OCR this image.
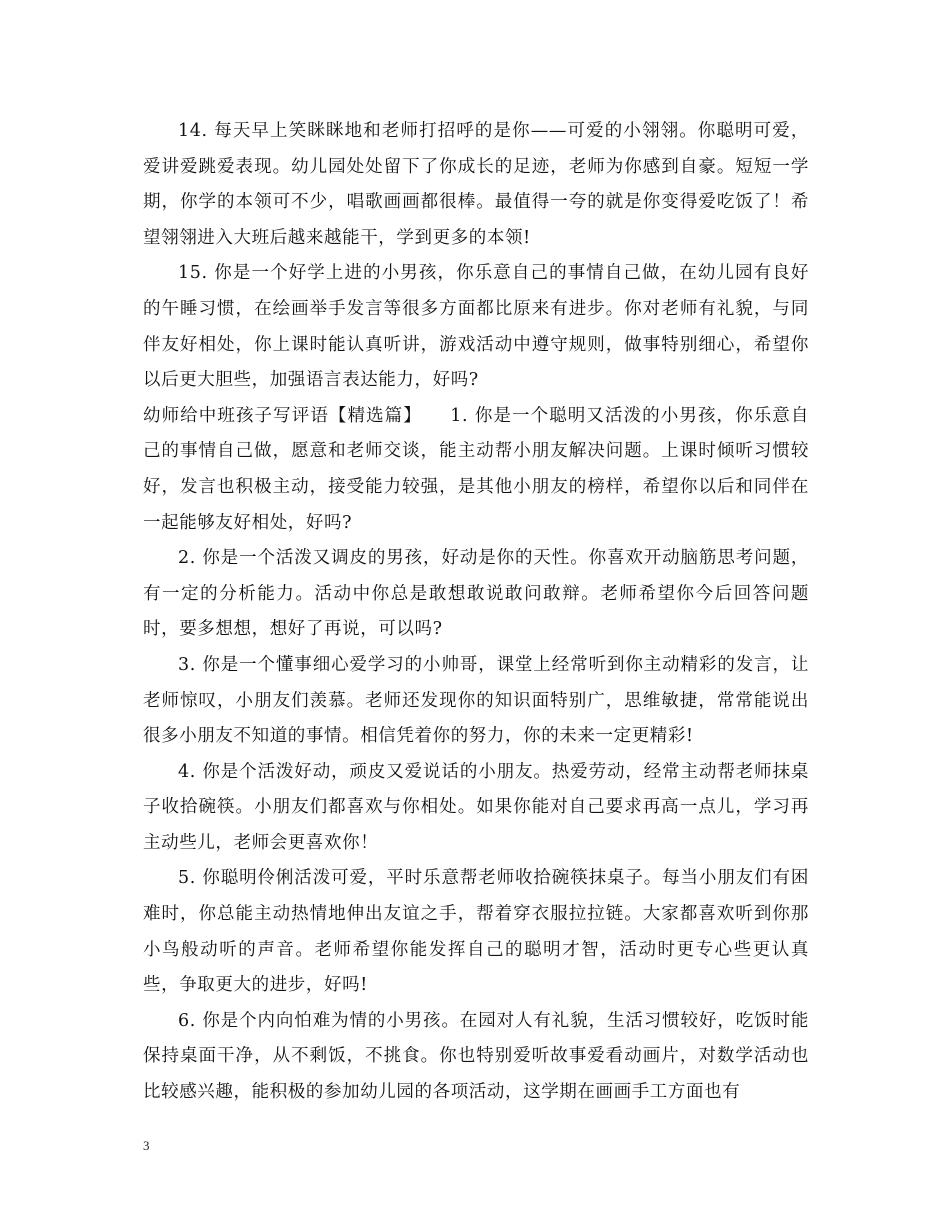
14. 每天早上笑眯眯地和老师打招呼的是你——可爱的小翎翎。你聪明可爱，爱讲爱跳爱表现。幼儿园处处留下了你成长的足迹，老师为你感到自豪。短短一学期，你学的本领可不少，唱歌画画都很棒。最值得一夸的就是你变得爱吃饭了！希望翎翎进入大班后越来越能干，学到更多的本领!

15. 你是一个好学上进的小男孩，你乐意自己的事情自己做，在幼儿园有良好的午睡习惯，在绘画举手发言等很多方面都比原来有进步。你对老师有礼貌，与同伴友好相处，你上课时能认真听讲，游戏活动中遵守规则，做事特别细心，希望你以后更大胆些，加强语言表达能力，好吗?

幼师给中班孩子写评语【精选篇】　　1. 你是一个聪明又活泼的小男孩，你乐意自己的事情自己做，愿意和老师交谈，能主动帮小朋友解决问题。上课时倾听习惯较好，发言也积极主动，接受能力较强，是其他小朋友的榜样，希望你以后和同伴在一起能够友好相处，好吗?

2. 你是一个活泼又调皮的男孩，好动是你的天性。你喜欢开动脑筋思考问题，有一定的分析能力。活动中你总是敢想敢说敢问敢辩。老师希望你今后回答问题时，要多想想，想好了再说，可以吗?

3. 你是一个懂事细心爱学习的小帅哥，课堂上经常听到你主动精彩的发言，让老师惊叹，小朋友们羡慕。老师还发现你的知识面特别广，思维敏捷，常常能说出很多小朋友不知道的事情。相信凭着你的努力，你的未来一定更精彩!

4. 你是个活泼好动，顽皮又爱说话的小朋友。热爱劳动，经常主动帮老师抹桌子收拾碗筷。小朋友们都喜欢与你相处。如果你能对自己要求再高一点儿，学习再主动些儿，老师会更喜欢你！

5. 你聪明伶俐活泼可爱，平时乐意帮老师收拾碗筷抹桌子。每当小朋友们有困难时，你总能主动热情地伸出友谊之手，帮着穿衣服拉拉链。大家都喜欢听到你那小鸟般动听的声音。老师希望你能发挥自己的聪明才智，活动时更专心些更认真些，争取更大的进步，好吗!

6. 你是个内向怕难为情的小男孩。在园对人有礼貌，生活习惯较好，吃饭时能保持桌面干净，从不剩饭，不挑食。你也特别爱听故事爱看动画片，对数学活动也比较感兴趣，能积极的参加幼儿园的各项活动，这学期在画画手工方面也有

3
